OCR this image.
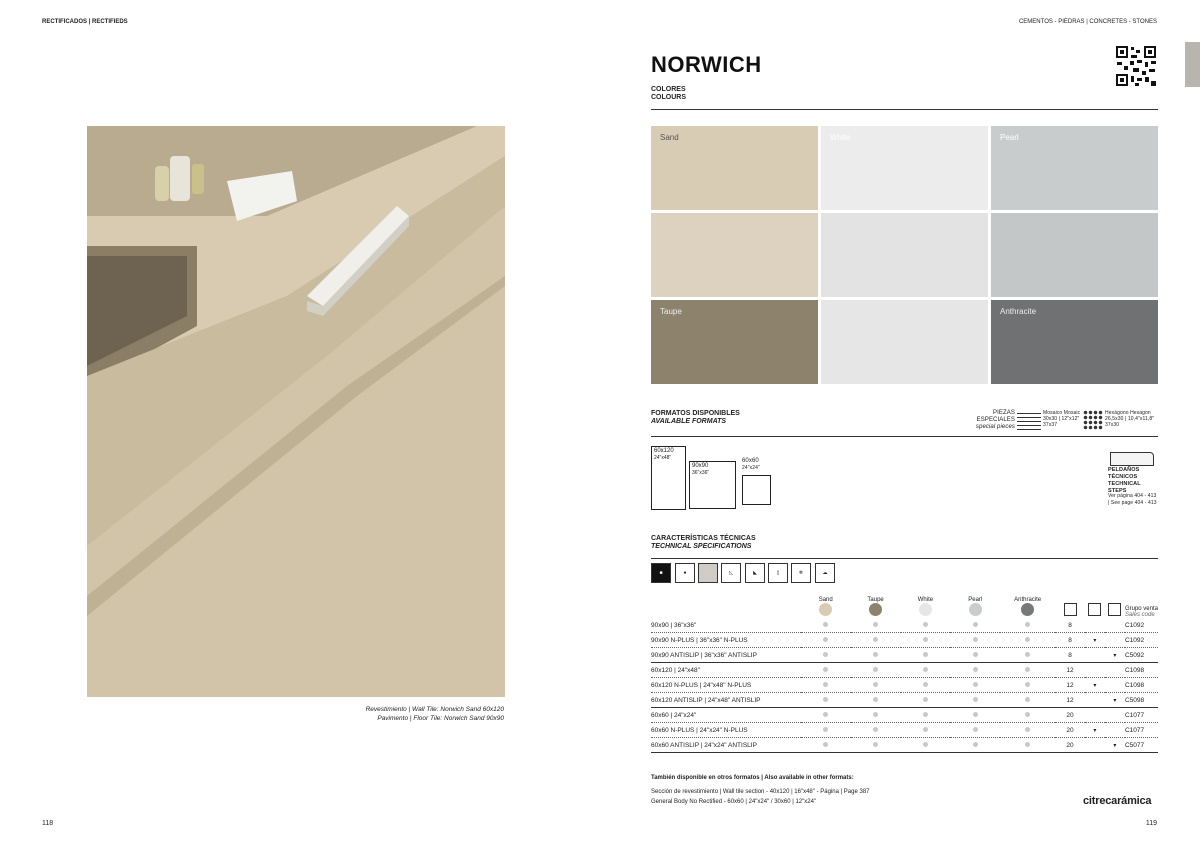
RECTIFICADOS | RECTIFIEDS	CEMENTOS - PIEDRAS | CONCRETES - STONES
Revestimiento | Wall Tile: Norwich Sand 60x120
Pavimento | Floor Tile: Norwich Sand 90x90
118
NORWICH
COLORES
COLOURS
Sand	White	Pearl
Taupe	Anthracite
FORMATOS DISPONIBLES
AVAILABLE FORMATS
PIEZAS ESPECIALES
special pieces
Mosaico Mosaic 30x30 | 12"x12" 37x37
Hexágono Hexagon 26,5x30 | 10,4"x11,8" 37x30
60x120
24"x48"
90x90
36"x36"
60x60
24"x24"	PELDAÑOS TÉCNICOS TECHNICAL STEPS
Ver página 404 - 413 | See page 404 - 413
CARACTERÍSTICAS TÉCNICAS
TECHNICAL SPECIFICATIONS
■	●	◺	◣	▯	❄	☁

	Sand	Taupe	White	Pearl	Anthracite				Grupo venta
Sales code

90x90 | 36"x36"						8			C1092
90x90 N-PLUS | 36"x36" N-PLUS						8	▾		C1092
90x90 ANTISLIP | 36"x36" ANTISLIP						8		▾	C5092
60x120 | 24"x48"						12			C1098
60x120 N-PLUS | 24"x48" N-PLUS						12	▾		C1098
60x120 ANTISLIP | 24"x48" ANTISLIP						12		▾	C5098
60x60 | 24"x24"						20			C1077
60x60 N-PLUS | 24"x24" N-PLUS						20	▾		C1077
60x60 ANTISLIP | 24"x24" ANTISLIP						20		▾	C5077
También disponible en otros formatos | Also available in other formats:
Sección de revestimiento | Wall tile section - 40x120 | 16"x48" - Página | Page 387
General Body No Rectified - 60x60 | 24"x24" / 30x60 | 12"x24"	citrecarámica
119
